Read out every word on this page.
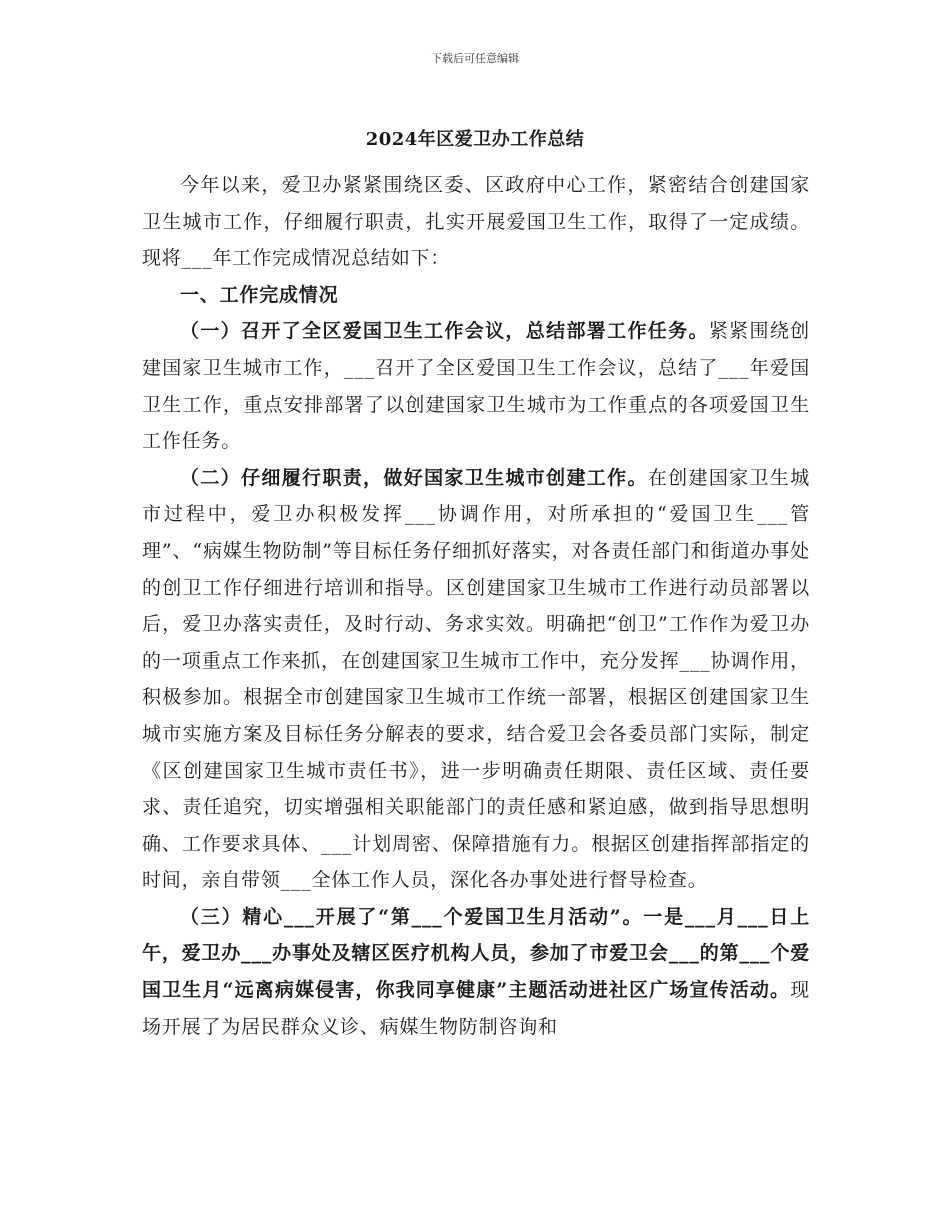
下载后可任意编辑
2024年区爱卫办工作总结

今年以来，爱卫办紧紧围绕区委、区政府中心工作，紧密结合创建国家卫生城市工作，仔细履行职责，扎实开展爱国卫生工作，取得了一定成绩。现将___年工作完成情况总结如下：

一、工作完成情况

（一）召开了全区爱国卫生工作会议，总结部署工作任务。紧紧围绕创建国家卫生城市工作，___召开了全区爱国卫生工作会议，总结了___年爱国卫生工作，重点安排部署了以创建国家卫生城市为工作重点的各项爱国卫生工作任务。

（二）仔细履行职责，做好国家卫生城市创建工作。在创建国家卫生城市过程中，爱卫办积极发挥___协调作用，对所承担的“爱国卫生___管理”、“病媒生物防制”等目标任务仔细抓好落实，对各责任部门和街道办事处的创卫工作仔细进行培训和指导。区创建国家卫生城市工作进行动员部署以后，爱卫办落实责任，及时行动、务求实效。明确把“创卫”工作作为爱卫办的一项重点工作来抓，在创建国家卫生城市工作中，充分发挥___协调作用，积极参加。根据全市创建国家卫生城市工作统一部署，根据区创建国家卫生城市实施方案及目标任务分解表的要求，结合爱卫会各委员部门实际，制定《区创建国家卫生城市责任书》，进一步明确责任期限、责任区域、责任要求、责任追究，切实增强相关职能部门的责任感和紧迫感，做到指导思想明确、工作要求具体、___计划周密、保障措施有力。根据区创建指挥部指定的时间，亲自带领___全体工作人员，深化各办事处进行督导检查。

（三）精心___开展了“第___个爱国卫生月活动”。一是___月___日上午，爱卫办___办事处及辖区医疗机构人员，参加了市爱卫会___的第___个爱国卫生月“远离病媒侵害，你我同享健康”主题活动进社区广场宣传活动。现场开展了为居民群众义诊、病媒生物防制咨询和
